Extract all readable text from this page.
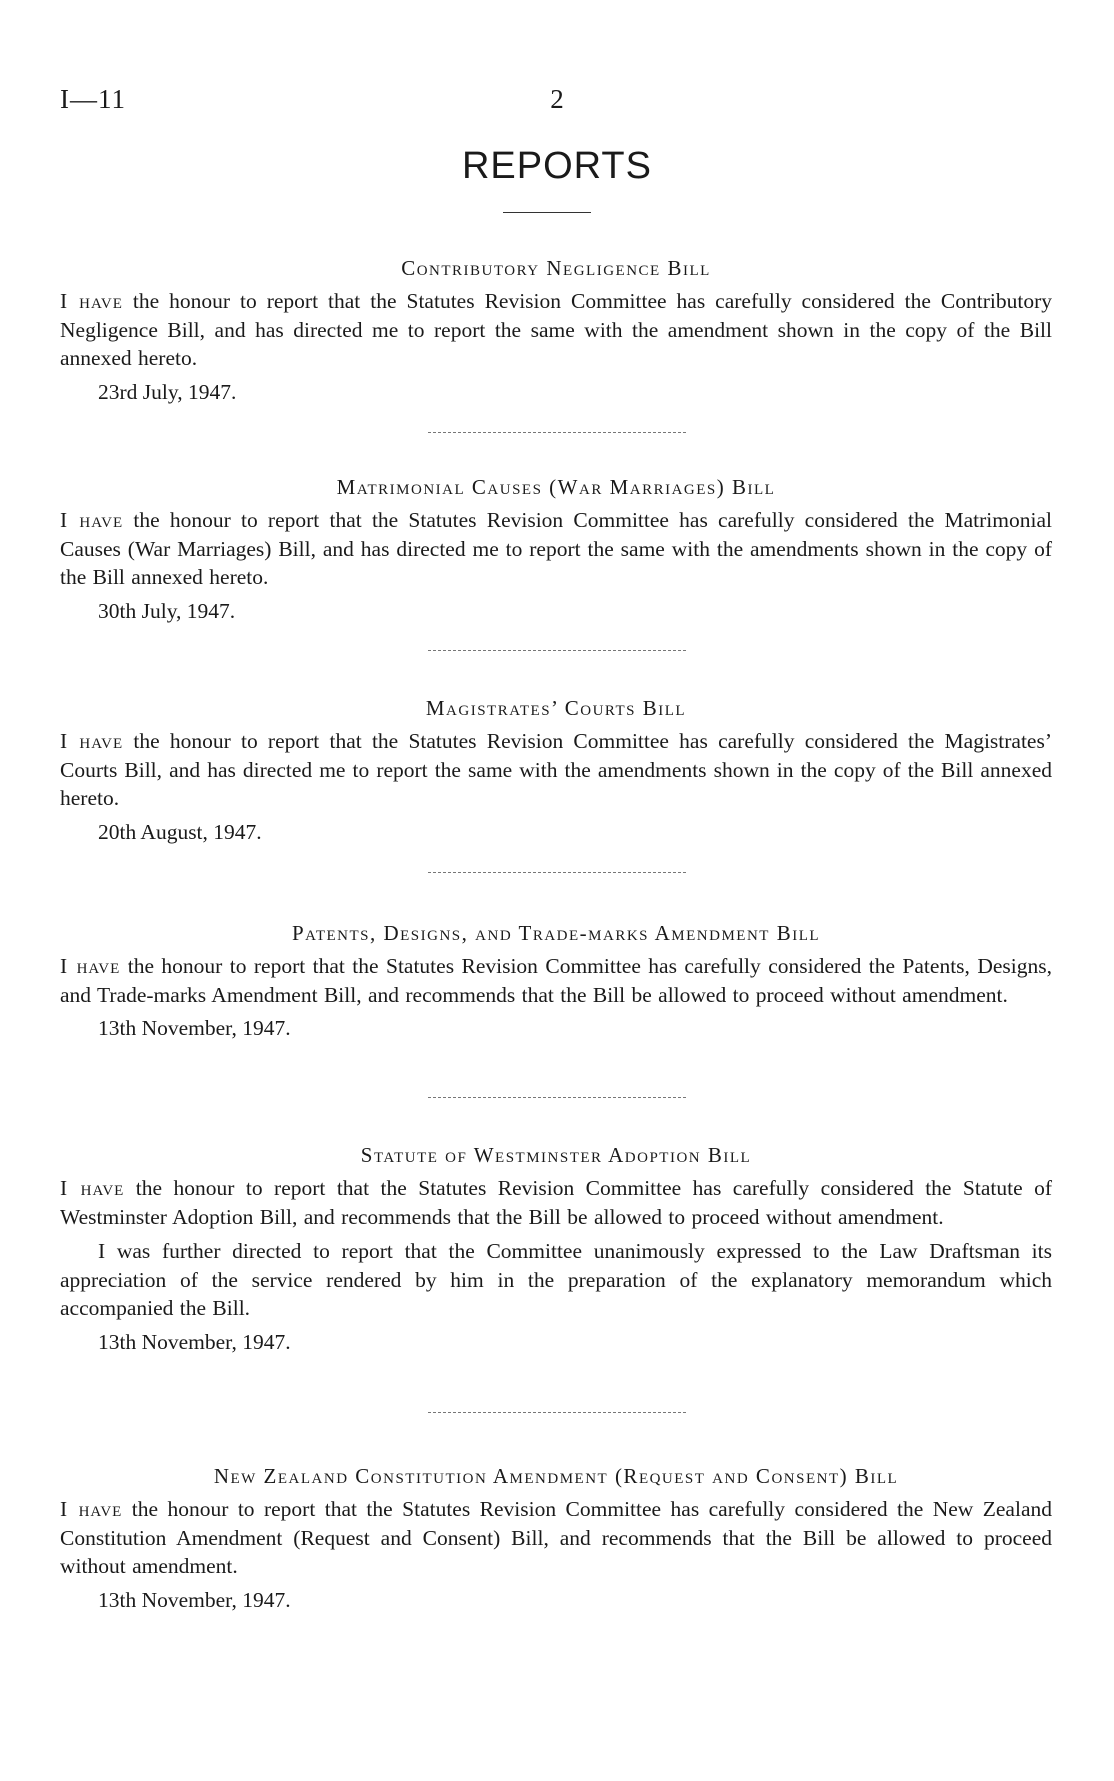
I—11	2
REPORTS
Contributory Negligence Bill

I have the honour to report that the Statutes Revision Committee has carefully considered the Contributory Negligence Bill, and has directed me to report the same with the amendment shown in the copy of the Bill annexed hereto.

23rd July, 1947.
Matrimonial Causes (War Marriages) Bill

I have the honour to report that the Statutes Revision Committee has carefully considered the Matrimonial Causes (War Marriages) Bill, and has directed me to report the same with the amendments shown in the copy of the Bill annexed hereto.

30th July, 1947.
Magistrates’ Courts Bill

I have the honour to report that the Statutes Revision Committee has carefully considered the Magistrates’ Courts Bill, and has directed me to report the same with the amendments shown in the copy of the Bill annexed hereto.

20th August, 1947.
Patents, Designs, and Trade-marks Amendment Bill

I have the honour to report that the Statutes Revision Committee has carefully considered the Patents, Designs, and Trade-marks Amendment Bill, and recommends that the Bill be allowed to proceed without amendment.

13th November, 1947.
Statute of Westminster Adoption Bill

I have the honour to report that the Statutes Revision Committee has carefully considered the Statute of Westminster Adoption Bill, and recommends that the Bill be allowed to proceed without amendment.

I was further directed to report that the Committee unanimously expressed to the Law Draftsman its appreciation of the service rendered by him in the preparation of the explanatory memorandum which accompanied the Bill.

13th November, 1947.
New Zealand Constitution Amendment (Request and Consent) Bill

I have the honour to report that the Statutes Revision Committee has carefully considered the New Zealand Constitution Amendment (Request and Consent) Bill, and recommends that the Bill be allowed to proceed without amendment.

13th November, 1947.
